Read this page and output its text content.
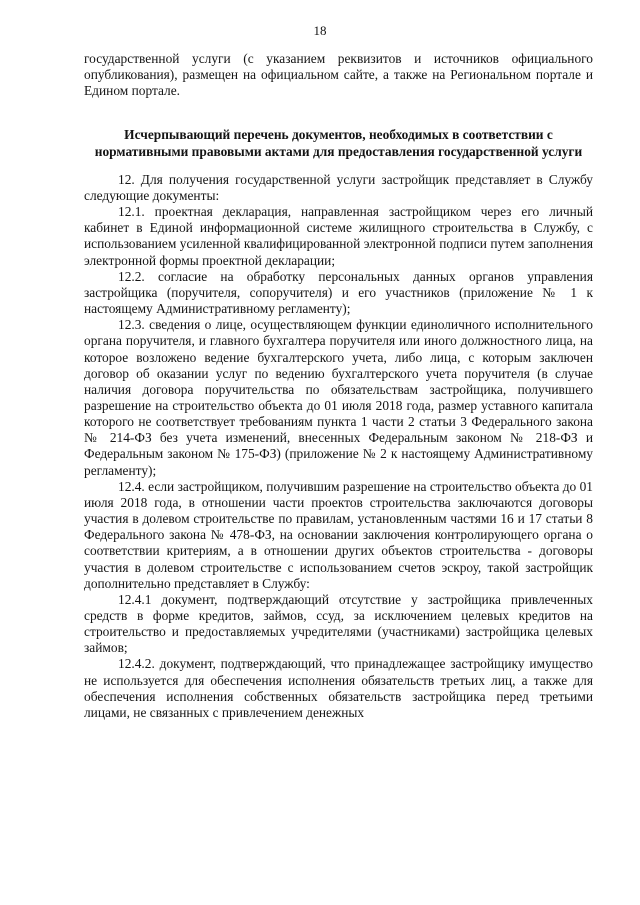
18

государственной услуги (с указанием реквизитов и источников официального опубликования), размещен на официальном сайте, а также на Региональном портале и Едином портале.

Исчерпывающий перечень документов, необходимых в соответствии с нормативными правовыми актами для предоставления государственной услуги

12. Для получения государственной услуги застройщик представляет в Службу следующие документы:

12.1. проектная декларация, направленная застройщиком через его личный кабинет в Единой информационной системе жилищного строительства в Службу, с использованием усиленной квалифицированной электронной подписи путем заполнения электронной формы проектной декларации;

12.2. согласие на обработку персональных данных органов управления застройщика (поручителя, сопоручителя) и его участников (приложение № 1 к настоящему Административному регламенту);

12.3. сведения о лице, осуществляющем функции единоличного исполнительного органа поручителя, и главного бухгалтера поручителя или иного должностного лица, на которое возложено ведение бухгалтерского учета, либо лица, с которым заключен договор об оказании услуг по ведению бухгалтерского учета поручителя (в случае наличия договора поручительства по обязательствам застройщика, получившего разрешение на строительство объекта до 01 июля 2018 года, размер уставного капитала которого не соответствует требованиям пункта 1 части 2 статьи 3 Федерального закона № 214-ФЗ без учета изменений, внесенных Федеральным законом № 218-ФЗ и Федеральным законом № 175-ФЗ) (приложение № 2 к настоящему Административному регламенту);

12.4. если застройщиком, получившим разрешение на строительство объекта до 01 июля 2018 года, в отношении части проектов строительства заключаются договоры участия в долевом строительстве по правилам, установленным частями 16 и 17 статьи 8 Федерального закона № 478-ФЗ, на основании заключения контролирующего органа о соответствии критериям, а в отношении других объектов строительства - договоры участия в долевом строительстве с использованием счетов эскроу, такой застройщик дополнительно представляет в Службу:

12.4.1 документ, подтверждающий отсутствие у застройщика привлеченных средств в форме кредитов, займов, ссуд, за исключением целевых кредитов на строительство и предоставляемых учредителями (участниками) застройщика целевых займов;

12.4.2. документ, подтверждающий, что принадлежащее застройщику имущество не используется для обеспечения исполнения обязательств третьих лиц, а также для обеспечения исполнения собственных обязательств застройщика перед третьими лицами, не связанных с привлечением денежных
